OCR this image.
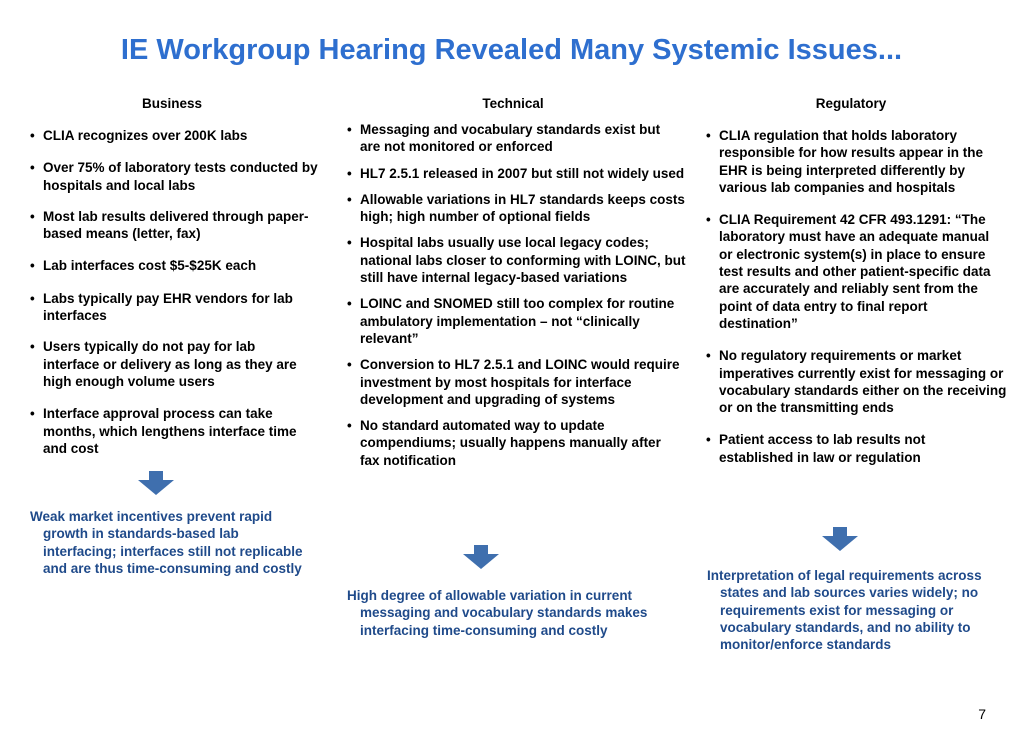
IE Workgroup Hearing Revealed Many Systemic Issues...
Business
• CLIA recognizes over 200K labs
• Over 75% of laboratory tests conducted by hospitals and local labs
• Most lab results delivered through paper-based means (letter, fax)
• Lab interfaces cost $5-$25K each
• Labs typically pay EHR vendors for lab interfaces
• Users typically do not pay for lab interface or delivery as long as they are high enough volume users
• Interface approval process can take months, which lengthens interface time and cost
Weak market incentives prevent rapid growth in standards-based lab interfacing; interfaces still not replicable and are thus time-consuming and costly
Technical
• Messaging and vocabulary standards exist but are not monitored or enforced
• HL7 2.5.1 released in 2007 but still not widely used
• Allowable variations in HL7 standards keeps costs high; high number of optional fields
• Hospital labs usually use local legacy codes; national labs closer to conforming with LOINC, but still have internal legacy-based variations
• LOINC and SNOMED still too complex for routine ambulatory implementation – not “clinically relevant”
• Conversion to HL7 2.5.1 and LOINC would require investment by most hospitals for interface development and upgrading of systems
• No standard automated way to update compendiums; usually happens manually after fax notification
High degree of allowable variation in current messaging and vocabulary standards makes interfacing time-consuming and costly
Regulatory
• CLIA regulation that holds laboratory responsible for how results appear in the EHR is being interpreted differently by various lab companies and hospitals
• CLIA Requirement 42 CFR 493.1291: “The laboratory must have an adequate manual or electronic system(s) in place to ensure test results and other patient-specific data are accurately and reliably sent from the point of data entry to final report destination”
• No regulatory requirements or market imperatives currently exist for messaging or vocabulary standards either on the receiving or on the transmitting ends
• Patient access to lab results not established in law or regulation
Interpretation of legal requirements across states and lab sources varies widely; no requirements exist for messaging or vocabulary standards, and no ability to monitor/enforce standards
7
